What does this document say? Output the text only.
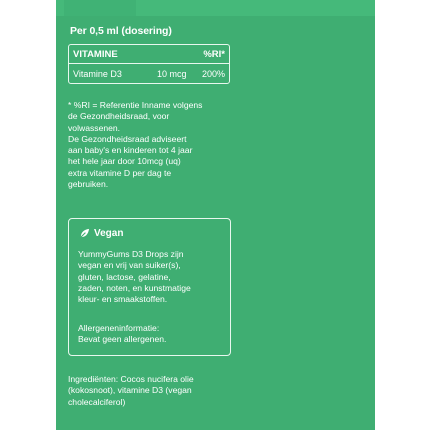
Per 0,5 ml (dosering)
VITAMINE	%RI*
Vitamine D3	10 mcg 200%
* %RI = Referentie Inname volgens
de Gezondheidsraad, voor
volwassenen.
De Gezondheidsraad adviseert
aan baby's en kinderen tot 4 jaar
het hele jaar door 10mcg (uq)
extra vitamine D per dag te
gebruiken.
Vegan
YummyGums D3 Drops zijn
vegan en vrij van suiker(s),
gluten, lactose, gelatine,
zaden, noten, en kunstmatige
kleur- en smaakstoffen.
Allergeneninformatie:
Bevat geen allergenen.
Ingrediënten: Cocos nucifera olie
(kokosnoot), vitamine D3 (vegan
cholecalciferol)
